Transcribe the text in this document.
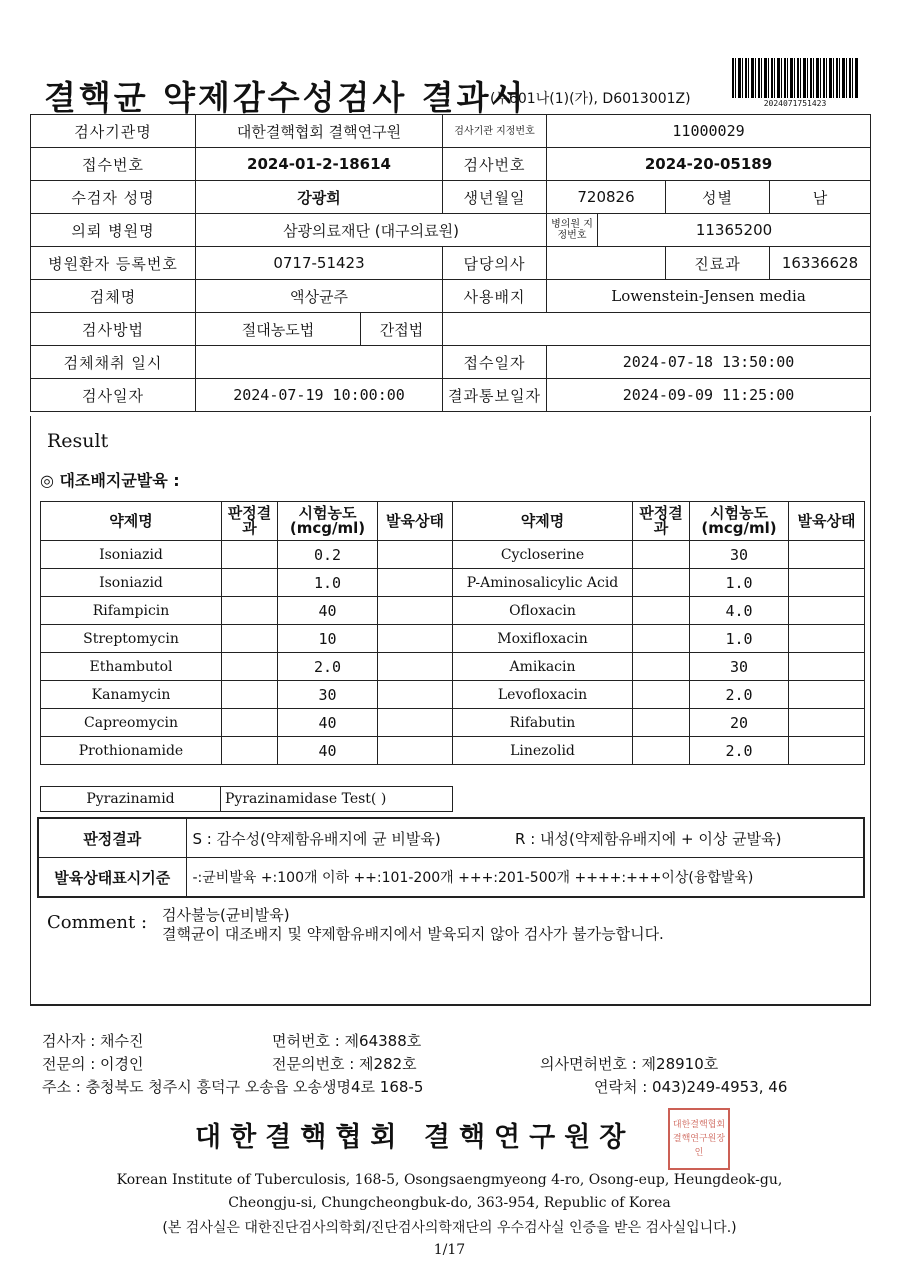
결핵균 약제감수성검사 결과서
(누601나(1)(가), D6013001Z)	2024071751423
검사기관명	대한결핵협회 결핵연구원		검사기관 지정번호	11000029			
접수번호	2024-01-2-18614		검사번호	2024-20-05189			
수검자 성명	강광희		생년월일	720826		성별	남
의뢰 병원명	삼광의료재단 (대구의료원)			병의원 지정번호	11365200		
병원환자 등록번호	0717-51423		담당의사			진료과	16336628
검체명	액상균주		사용배지	Lowenstein-Jensen media			
검사방법	절대농도법	간접법					
검체채취 일시			접수일자	2024-07-18 13:50:00			
검사일자	2024-07-19 10:00:00		결과통보일자	2024-09-09 11:25:00			
Result
◎ 대조배지균발육 :
약제명	판정결과	시험농도(mcg/ml)	발육상태	약제명	판정결과	시험농도(mcg/ml)	발육상태
Isoniazid		0.2		Cycloserine		30	
Isoniazid		1.0		P-Aminosalicylic Acid		1.0	
Rifampicin		40		Ofloxacin		4.0	
Streptomycin		10		Moxifloxacin		1.0	
Ethambutol		2.0		Amikacin		30	
Kanamycin		30		Levofloxacin		2.0	
Capreomycin		40		Rifabutin		20	
Prothionamide		40		Linezolid		2.0	
Pyrazinamid	Pyrazinamidase Test( )
판정결과	S : 감수성(약제함유배지에 균 비발육)	R : 내성(약제함유배지에 + 이상 균발육)
발육상태표시기준	-:균비발육 +:100개 이하 ++:101-200개 +++:201-500개 ++++:+++이상(융합발육)	
Comment : 검사불능(균비발육)
결핵균이 대조배지 및 약제함유배지에서 발육되지 않아 검사가 불가능합니다.
검사자 : 채수진	면허번호 : 제64388호
전문의 : 이경인	전문의번호 : 제282호	의사면허번호 : 제28910호
주소 : 충청북도 청주시 흥덕구 오송읍 오송생명4로 168-5	연락처 : 043)249-4953, 46
대한결핵협회 결핵연구원장	대한결핵협회결핵연구원장인
Korean Institute of Tuberculosis, 168-5, Osongsaengmyeong 4-ro, Osong-eup, Heungdeok-gu,
Cheongju-si, Chungcheongbuk-do, 363-954, Republic of Korea
(본 검사실은 대한진단검사의학회/진단검사의학재단의 우수검사실 인증을 받은 검사실입니다.)
1/17
